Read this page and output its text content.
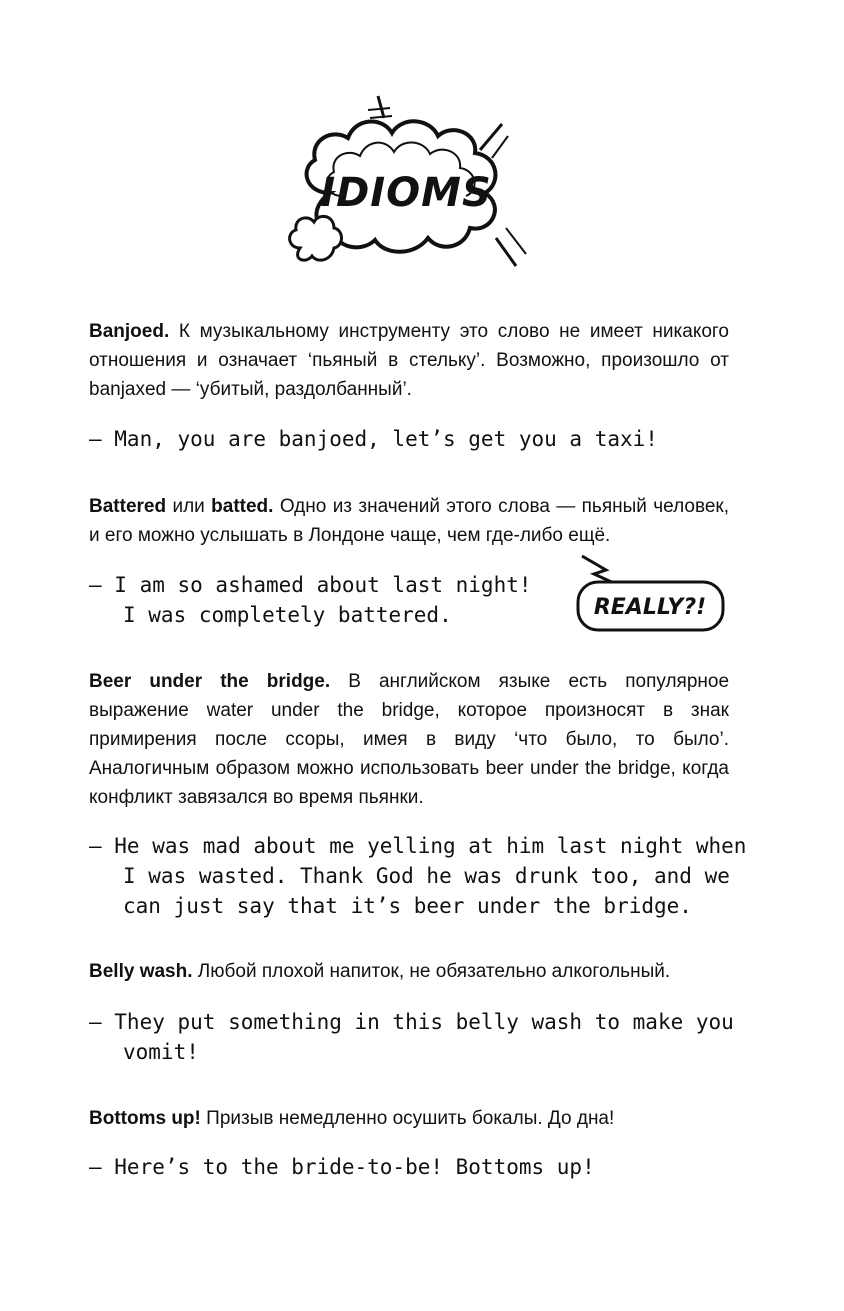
IDIOMS
Banjoed. К музыкальному инструменту это слово не имеет никакого отношения и означает ‘пьяный в стельку’. Возможно, произошло от banjaxed — ‘убитый, раздолбанный’.
— Man, you are banjoed, let’s get you a taxi!
Battered или batted. Одно из значений этого слова — пьяный человек, и его можно услышать в Лондоне чаще, чем где-либо ещё.
— I am so ashamed about last night!
I was completely battered.	REALLY?!
Beer under the bridge. В английском языке есть популярное выражение water under the bridge, которое произносят в знак примирения после ссоры, имея в виду ‘что было, то было’. Аналогичным образом можно использовать beer under the bridge, когда конфликт завязался во время пьянки.
— He was mad about me yelling at him last night when
I was wasted. Thank God he was drunk too, and we
can just say that it’s beer under the bridge.
Belly wash. Любой плохой напиток, не обязательно алкогольный.
— They put something in this belly wash to make you
vomit!
Bottoms up! Призыв немедленно осушить бокалы. До дна!
— Here’s to the bride-to-be! Bottoms up!
